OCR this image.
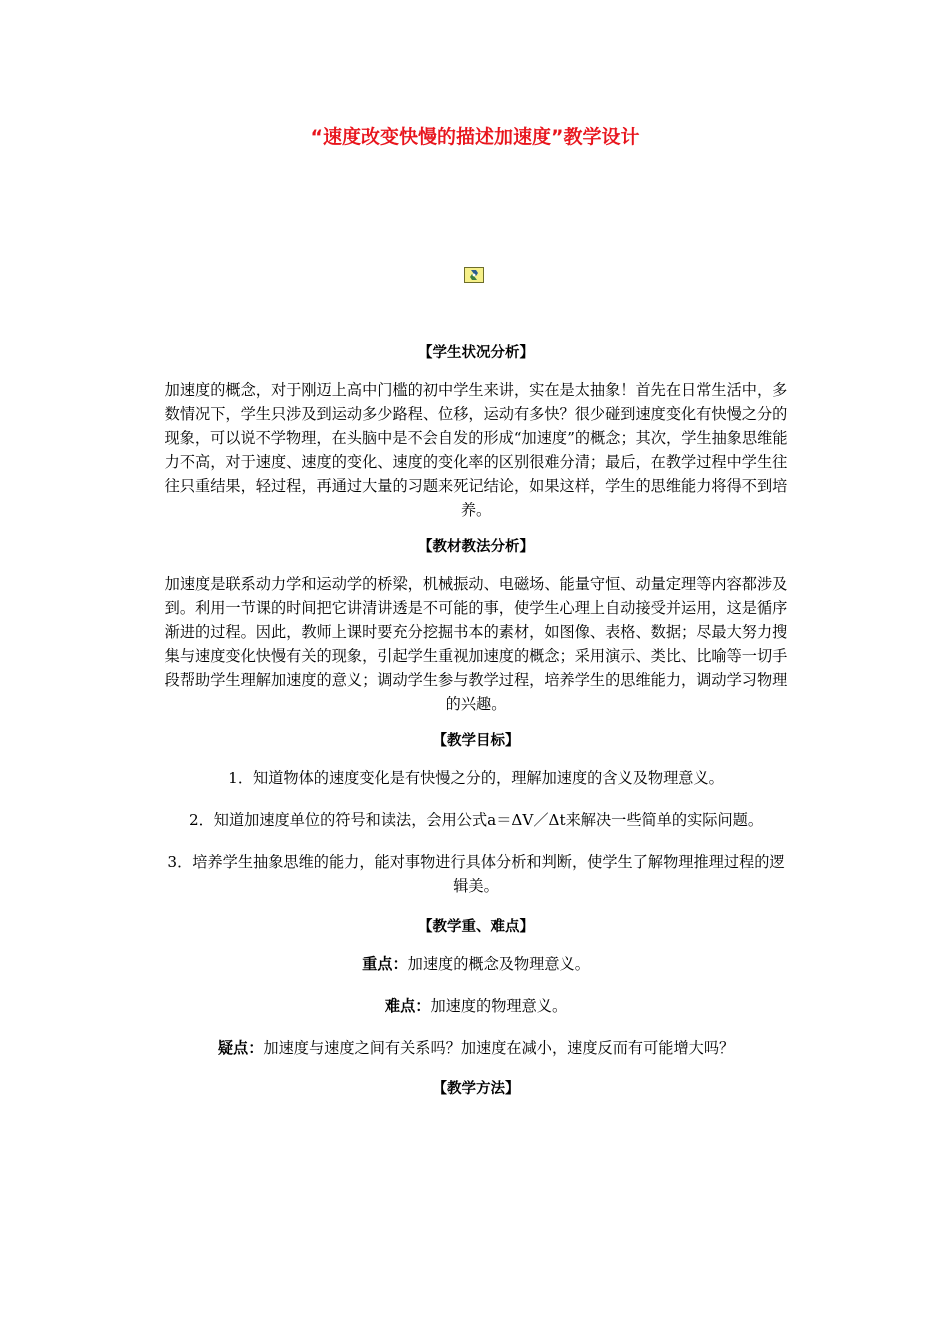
“速度改变快慢的描述加速度”教学设计
【学生状况分析】

加速度的概念，对于刚迈上高中门槛的初中学生来讲，实在是太抽象！首先在日常生活中，多数情况下，学生只涉及到运动多少路程、位移，运动有多快？很少碰到速度变化有快慢之分的现象，可以说不学物理，在头脑中是不会自发的形成“加速度”的概念；其次，学生抽象思维能力不高，对于速度、速度的变化、速度的变化率的区别很难分清；最后，在教学过程中学生往往只重结果，轻过程，再通过大量的习题来死记结论，如果这样，学生的思维能力将得不到培养。

【教材教法分析】

加速度是联系动力学和运动学的桥梁，机械振动、电磁场、能量守恒、动量定理等内容都涉及到。利用一节课的时间把它讲清讲透是不可能的事，使学生心理上自动接受并运用，这是循序渐进的过程。因此，教师上课时要充分挖掘书本的素材，如图像、表格、数据；尽最大努力搜集与速度变化快慢有关的现象，引起学生重视加速度的概念；采用演示、类比、比喻等一切手段帮助学生理解加速度的意义；调动学生参与教学过程，培养学生的思维能力，调动学习物理的兴趣。

【教学目标】

1．知道物体的速度变化是有快慢之分的，理解加速度的含义及物理意义。

2．知道加速度单位的符号和读法，会用公式a＝ΔV／Δt来解决一些简单的实际问题。

3．培养学生抽象思维的能力，能对事物进行具体分析和判断，使学生了解物理推理过程的逻辑美。

【教学重、难点】

重点：加速度的概念及物理意义。

难点：加速度的物理意义。

疑点：加速度与速度之间有关系吗？加速度在减小，速度反而有可能增大吗？

【教学方法】
